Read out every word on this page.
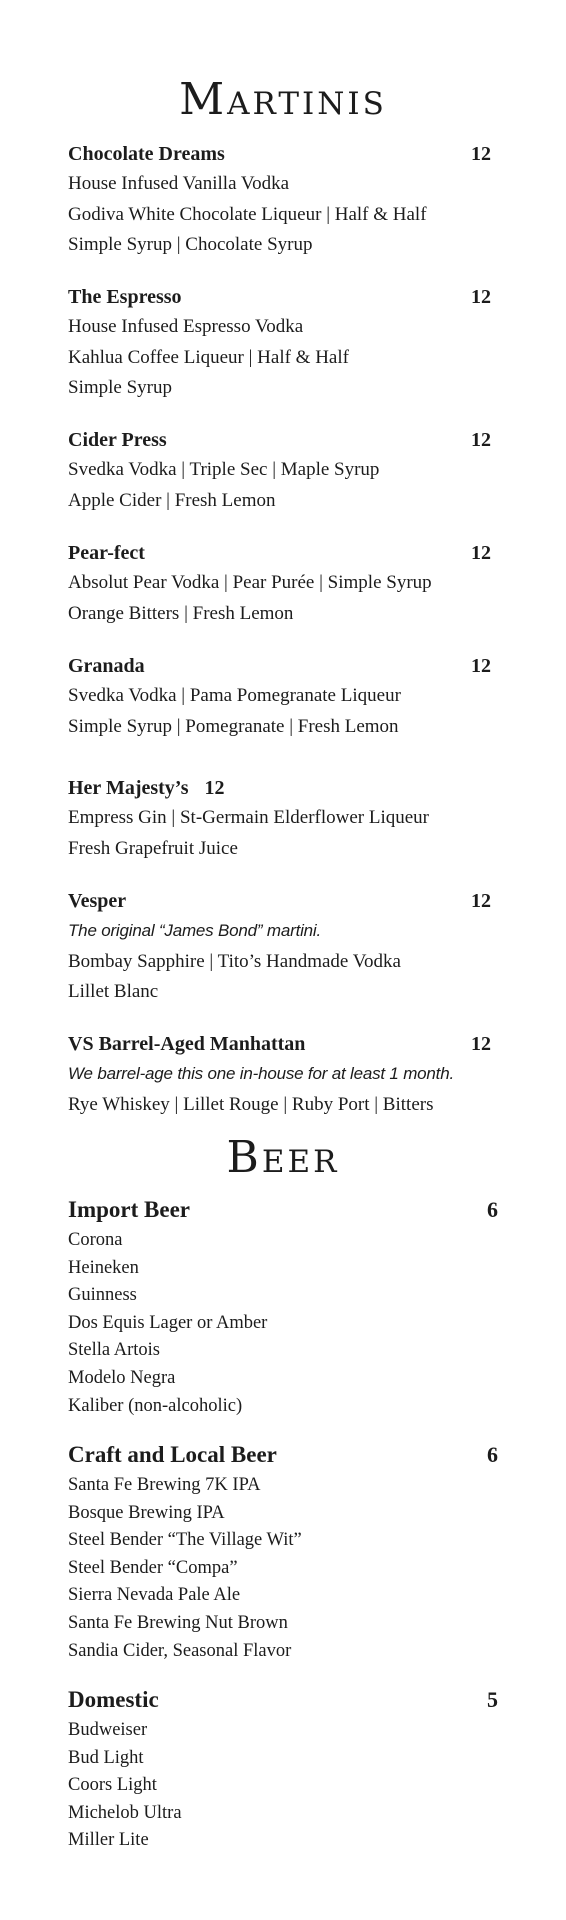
Martinis
Chocolate Dreams	12
House Infused Vanilla Vodka
Godiva White Chocolate Liqueur | Half & Half
Simple Syrup | Chocolate Syrup
The Espresso	12
House Infused Espresso Vodka
Kahlua Coffee Liqueur | Half & Half
Simple Syrup
Cider Press	12
Svedka Vodka | Triple Sec | Maple Syrup
Apple Cider | Fresh Lemon
Pear-fect	12
Absolut Pear Vodka | Pear Purée | Simple Syrup
Orange Bitters | Fresh Lemon
Granada	12
Svedka Vodka | Pama Pomegranate Liqueur
Simple Syrup | Pomegranate | Fresh Lemon
Her Majesty’s 12
Empress Gin | St-Germain Elderflower Liqueur
Fresh Grapefruit Juice
Vesper	12
The original “James Bond” martini.
Bombay Sapphire | Tito’s Handmade Vodka
Lillet Blanc
VS Barrel-Aged Manhattan	12
We barrel-age this one in-house for at least 1 month.
Rye Whiskey | Lillet Rouge | Ruby Port | Bitters
Beer
Import Beer	6
Corona
Heineken
Guinness
Dos Equis Lager or Amber
Stella Artois
Modelo Negra
Kaliber (non-alcoholic)
Craft and Local Beer	6
Santa Fe Brewing 7K IPA
Bosque Brewing IPA
Steel Bender “The Village Wit”
Steel Bender “Compa”
Sierra Nevada Pale Ale
Santa Fe Brewing Nut Brown
Sandia Cider, Seasonal Flavor
Domestic	5
Budweiser
Bud Light
Coors Light
Michelob Ultra
Miller Lite
